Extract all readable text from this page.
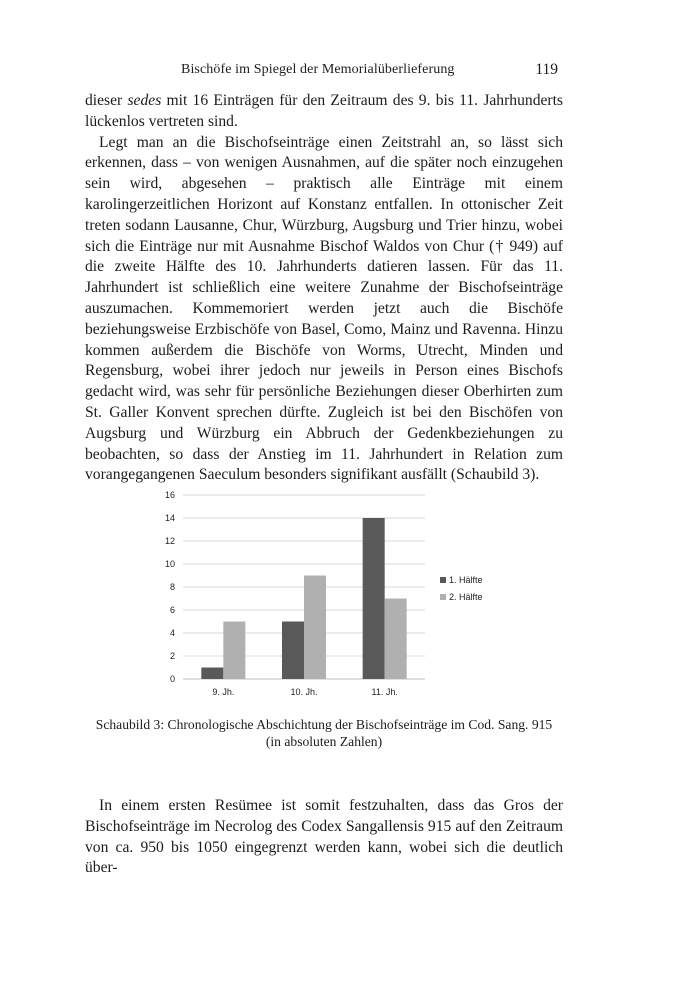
Bischöfe im Spiegel der Memorialüberlieferung	119

dieser sedes mit 16 Einträgen für den Zeitraum des 9. bis 11. Jahrhunderts lückenlos vertreten sind.

Legt man an die Bischofseinträge einen Zeitstrahl an, so lässt sich erkennen, dass – von wenigen Ausnahmen, auf die später noch einzugehen sein wird, abgesehen – praktisch alle Einträge mit einem karolingerzeitlichen Horizont auf Konstanz entfallen. In ottonischer Zeit treten sodann Lausanne, Chur, Würzburg, Augsburg und Trier hinzu, wobei sich die Einträge nur mit Ausnahme Bischof Waldos von Chur († 949) auf die zweite Hälfte des 10. Jahrhunderts datieren lassen. Für das 11. Jahrhundert ist schließlich eine weitere Zunahme der Bischofseinträge auszumachen. Kommemoriert werden jetzt auch die Bischöfe beziehungsweise Erzbischöfe von Basel, Como, Mainz und Ravenna. Hinzu kommen außerdem die Bischöfe von Worms, Utrecht, Minden und Regensburg, wobei ihrer jedoch nur jeweils in Person eines Bischofs gedacht wird, was sehr für persönliche Beziehungen dieser Oberhirten zum St. Galler Konvent sprechen dürfte. Zugleich ist bei den Bischöfen von Augsburg und Würzburg ein Abbruch der Gedenkbeziehungen zu beobachten, so dass der Anstieg im 11. Jahrhundert in Relation zum vorangegangenen Saeculum besonders signifikant ausfällt (Schaubild 3).

0
2
4
6
8
10
12
14
16
9. Jh.	10. Jh.	11. Jh.
1. Hälfte
2. Hälfte
Schaubild 3: Chronologische Abschichtung der Bischofseinträge im Cod. Sang. 915
(in absoluten Zahlen)

In einem ersten Resümee ist somit festzuhalten, dass das Gros der Bischofseinträge im Necrolog des Codex Sangallensis 915 auf den Zeitraum von ca. 950 bis 1050 eingegrenzt werden kann, wobei sich die deutlich über-
